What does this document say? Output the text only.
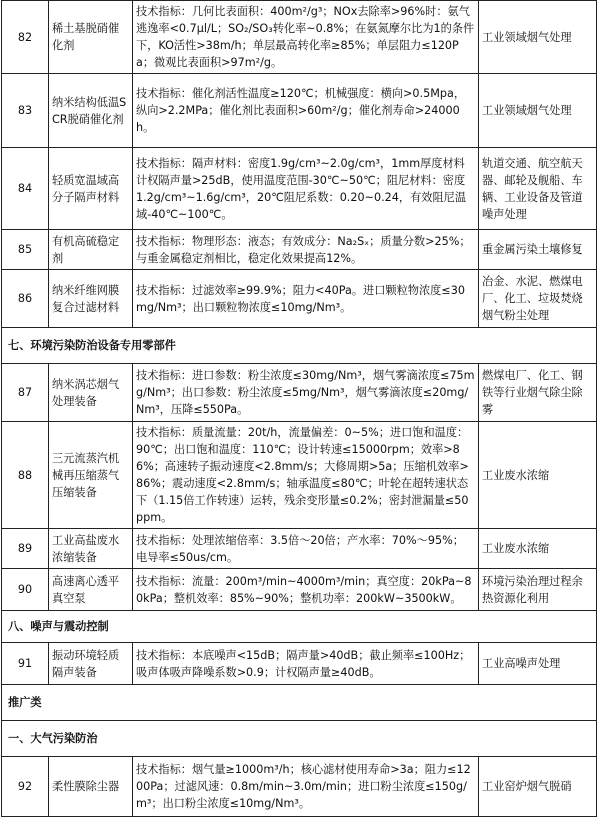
82	稀土基脱硝催化剂	技术指标：几何比表面积：400m²/g³；NOx去除率>96%时：氨气逃逸率<0.7μl/L；SO₂/SO₃转化率~0.8%；在氨氮摩尔比为1的条件下，KO活性>38m/h；单层最高转化率≥85%；单层阻力≤120Pa；微观比表面积>97m²/g。	工业领域烟气处理
83	纳米结构低温SCR脱硝催化剂	技术指标：催化剂活性温度≥120℃；机械强度：横向>0.5Mpa，纵向>2.2MPa；催化剂比表面积>60m²/g；催化剂寿命>24000h。	工业领域烟气处理
84	轻质宽温域高分子隔声材料	技术指标：隔声材料：密度1.9g/cm³~2.0g/cm³，1mm厚度材料计权隔声量>25dB，使用温度范围-30℃~50℃；阻尼材料：密度1.2g/cm³~1.6g/cm³，20℃阻尼系数：0.20~0.24，有效阻尼温域-40℃~100℃。	轨道交通、航空航天器、邮轮及舰船、车辆、工业设备及管道噪声处理
85	有机高硫稳定剂	技术指标：物理形态：液态；有效成分：Na₂Sₓ；质量分数>25%；与重金属稳定剂相比，稳定化效果提高12%。	重金属污染土壤修复
86	纳米纤维网膜复合过滤材料	技术指标：过滤效率≥99.9%；阻力<40Pa。进口颗粒物浓度≤30mg/Nm³；出口颗粒物浓度≤10mg/Nm³。	冶金、水泥、燃煤电厂、化工、垃圾焚烧烟气粉尘处理
七、环境污染防治设备专用零部件			
87	纳米涡芯烟气处理装备	技术指标：进口参数：粉尘浓度≤30mg/Nm³，烟气雾滴浓度≤75mg/Nm³；出口参数：粉尘浓度≤5mg/Nm³，烟气雾滴浓度≤20mg/Nm³，压降≤550Pa。	燃煤电厂、化工、钢铁等行业烟气除尘除雾
88	三元流蒸汽机械再压缩蒸气压缩装备	技术指标：质量流量：20t/h，流量偏差：0~5%；进口饱和温度：90℃；出口饱和温度：110℃；设计转速≤15000rpm；效率>86%；高速转子振动速度<2.8mm/s；大修周期>5a；压缩机效率>86%；震动速度<2.8mm/s；轴承温度≤80℃；叶轮在超转速状态下（1.15倍工作转速）运转，残余变形量≤0.2%；密封泄漏量≤50ppm。	工业废水浓缩
89	工业高盐废水浓缩装备	技术指标：处理浓缩倍率：3.5倍～20倍；产水率：70%～95%；电导率≤50us/cm。	工业废水浓缩
90	高速离心透平真空泵	技术指标：流量：200m³/min~4000m³/min；真空度：20kPa~80kPa；整机效率：85%~90%；整机功率：200kW~3500kW。	环境污染治理过程余热资源化利用
八、噪声与震动控制			
91	振动环境轻质隔声装备	技术指标：本底噪声<15dB；隔声量>40dB；截止频率≤100Hz；吸声体吸声降噪系数>0.9；计权隔声量≥40dB。	工业高噪声处理
推广类			
一、大气污染防治			
92	柔性膜除尘器	技术指标：烟气量≥1000m³/h；核心滤材使用寿命>3a；阻力≤1200Pa；过滤风速：0.8m/min~3.0m/min；进口粉尘浓度≤150g/m³；出口粉尘浓度≤10mg/Nm³。	工业窑炉烟气脱硝
